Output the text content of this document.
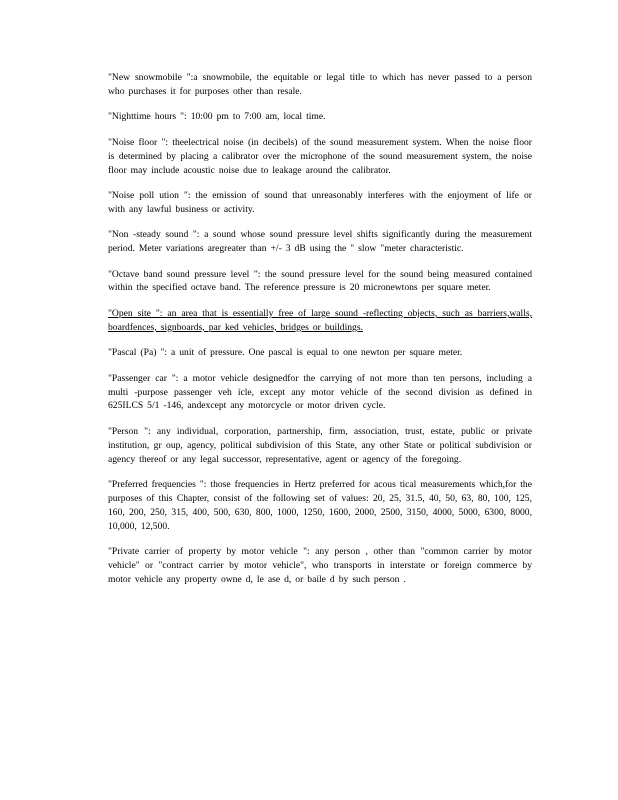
"New snowmobile ":a snowmobile, the equitable or legal title to which has never passed to a person who purchases it for purposes other than resale.

"Nighttime hours ": 10:00 pm to 7:00 am, local time.

"Noise floor ": theelectrical noise (in decibels) of the sound measurement system. When the noise floor is determined by placing a calibrator over the microphone of the sound measurement system, the noise floor may include acoustic noise due to leakage around the calibrator.

"Noise poll ution ": the emission of sound that unreasonably interferes with the enjoyment of life or with any lawful business or activity.

"Non -steady sound ": a sound whose sound pressure level shifts significantly during the measurement period. Meter variations aregreater than +/- 3 dB using the " slow "meter characteristic.

"Octave band sound pressure level ": the sound pressure level for the sound being measured contained within the specified octave band. The reference pressure is 20 micronewtons per square meter.

"Open site ": an area that is essentially free of large sound -reflecting objects, such as barriers,walls, boardfences, signboards, par ked vehicles, bridges or buildings.

"Pascal (Pa) ": a unit of pressure. One pascal is equal to one newton per square meter.

"Passenger car ": a motor vehicle designedfor the carrying of not more than ten persons, including a multi -purpose passenger veh icle, except any motor vehicle of the second division as defined in 625ILCS 5/1 -146, andexcept any motorcycle or motor driven cycle.

"Person ": any individual, corporation, partnership, firm, association, trust, estate, public or private institution, gr oup, agency, political subdivision of this State, any other State or political subdivision or agency thereof or any legal successor, representative, agent or agency of the foregoing.

"Preferred frequencies ": those frequencies in Hertz preferred for acous tical measurements which,for the purposes of this Chapter, consist of the following set of values: 20, 25, 31.5, 40, 50, 63, 80, 100, 125, 160, 200, 250, 315, 400, 500, 630, 800, 1000, 1250, 1600, 2000, 2500, 3150, 4000, 5000, 6300, 8000, 10,000, 12,500.

"Private carrier of property by motor vehicle ": any person , other than "common carrier by motor vehicle" or "contract carrier by motor vehicle", who transports in interstate or foreign commerce by motor vehicle any property owne d, le ase d, or baile d by such person .
